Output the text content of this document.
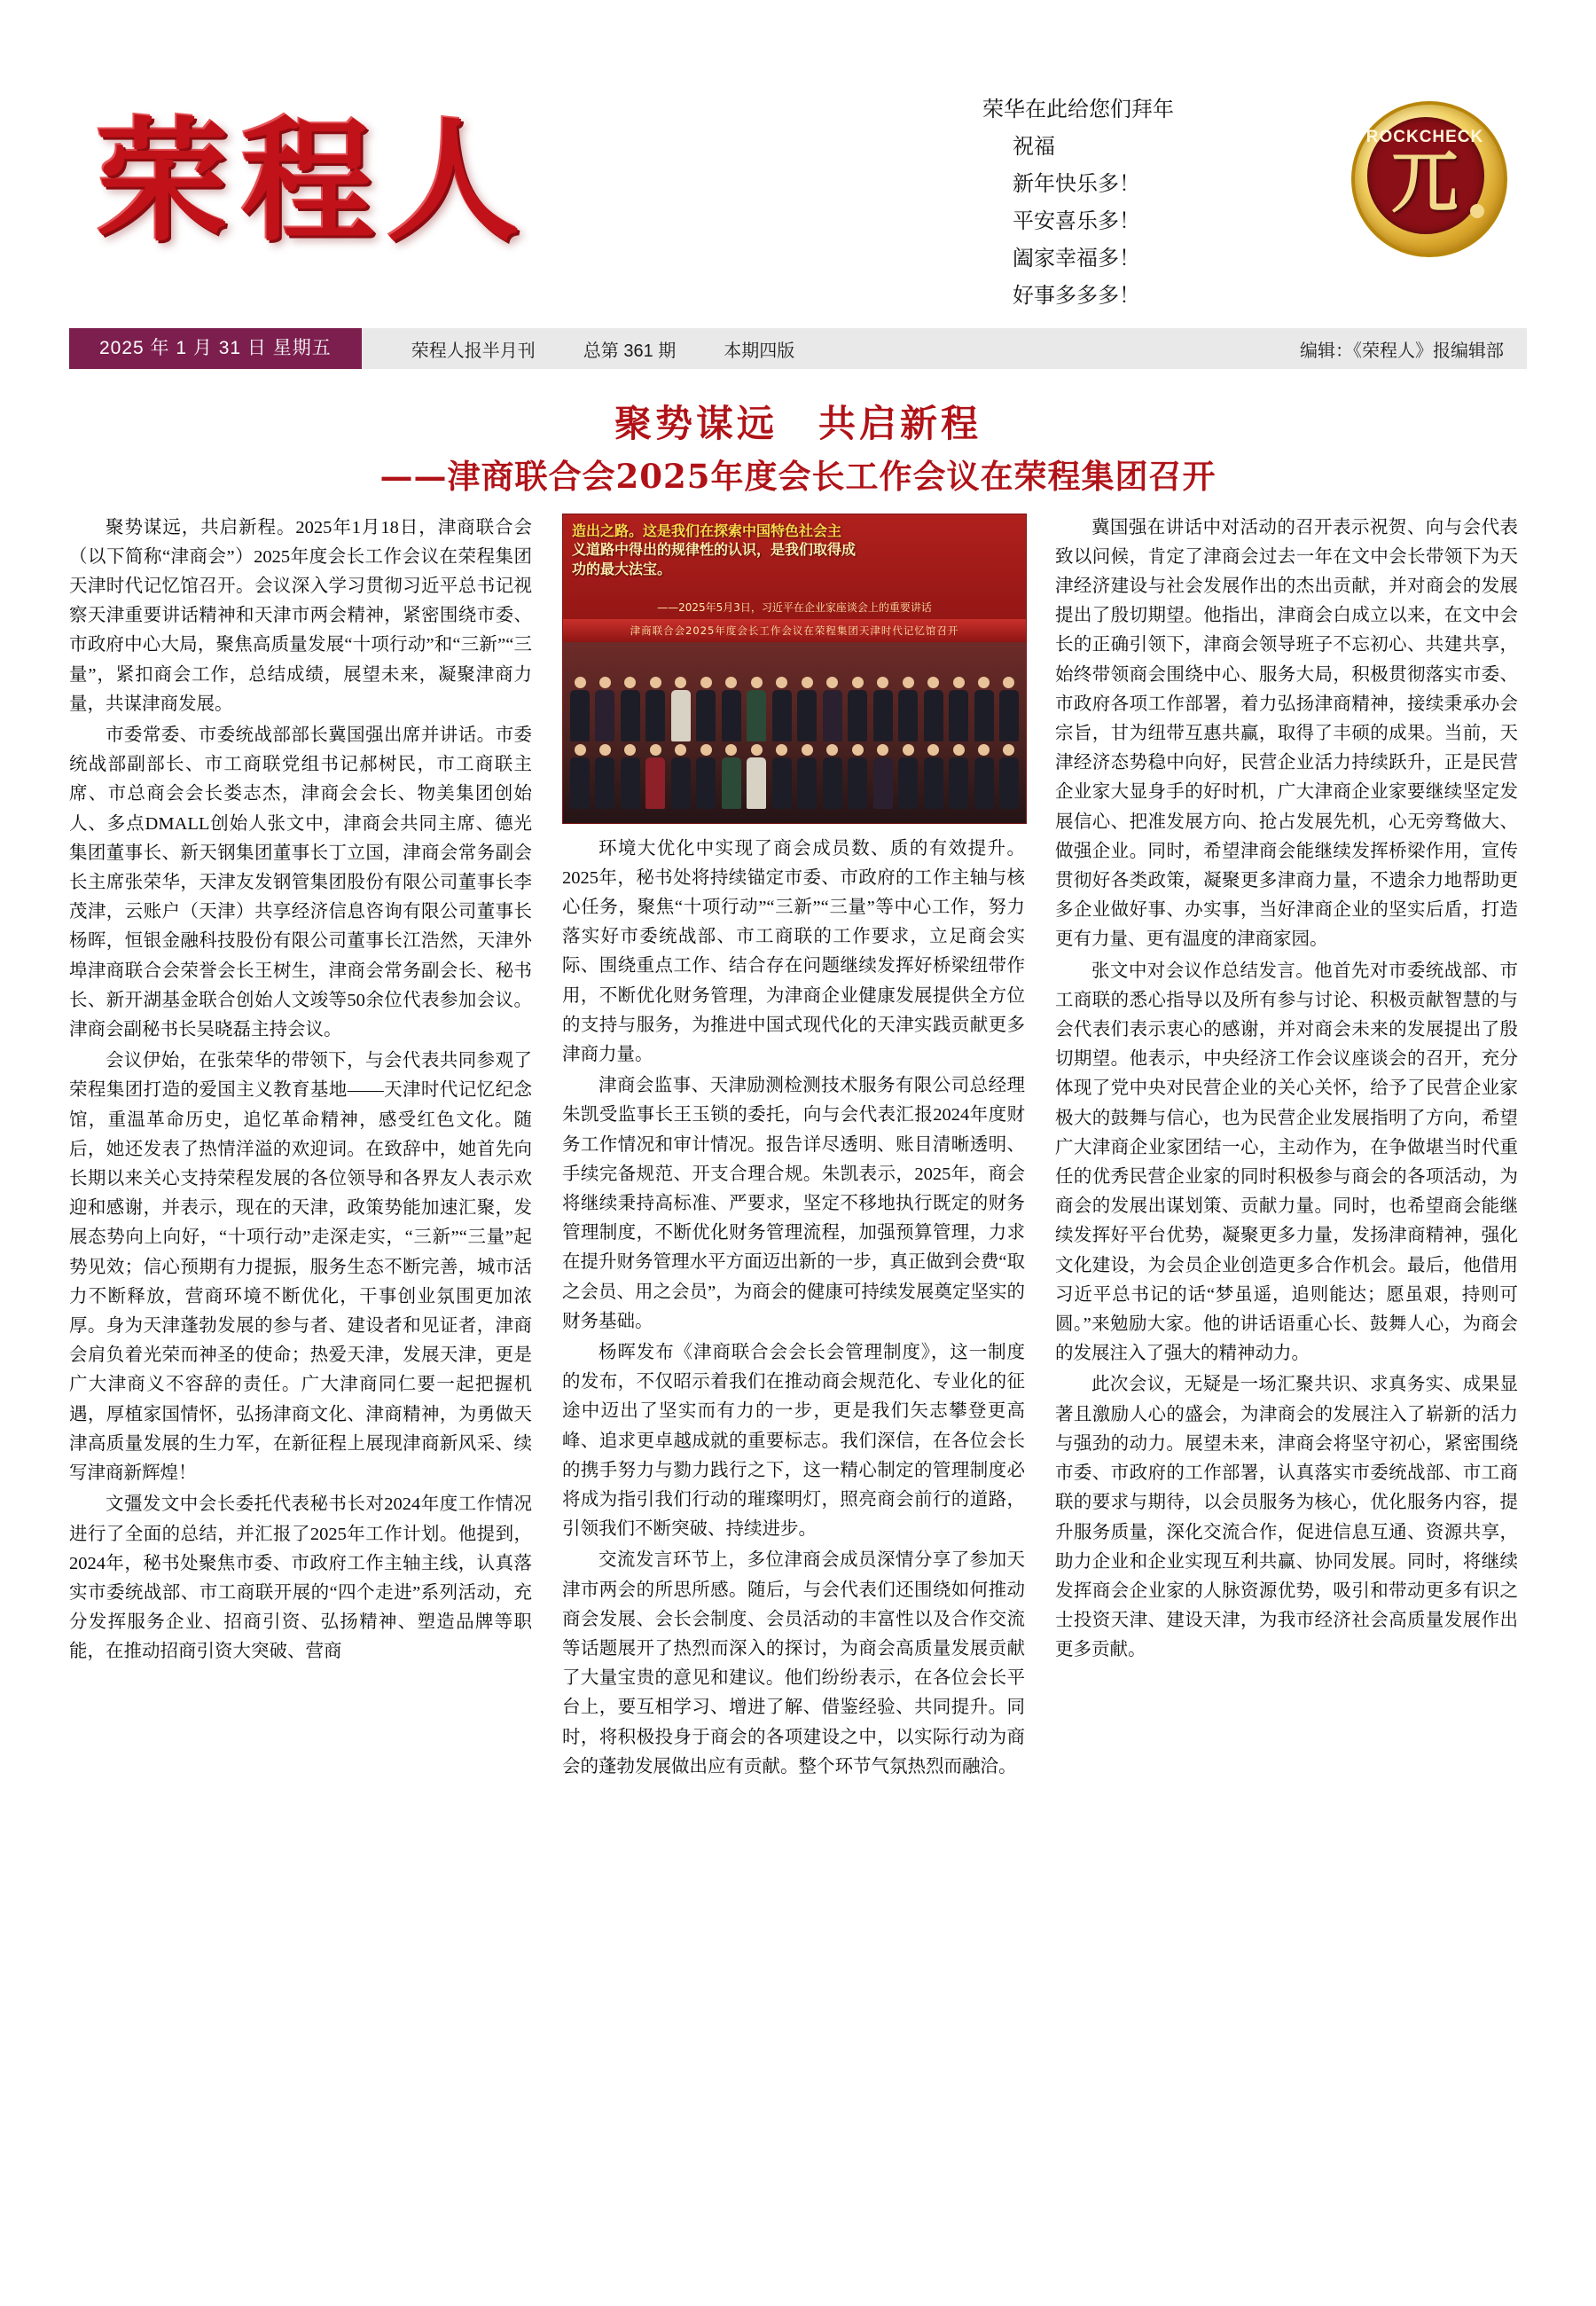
荣程人	荣华在此给您们拜年
祝福
新年快乐多！
平安喜乐多！
阖家幸福多！
好事多多多！
ROCKCHECK
兀
2025 年 1 月 31 日 星期五	荣程人报半月刊	总第 361 期	本期四版	编辑：《荣程人》报编辑部
聚势谋远　共启新程
——津商联合会2025年度会长工作会议在荣程集团召开

聚势谋远，共启新程。2025年1月18日，津商联合会（以下简称“津商会”）2025年度会长工作会议在荣程集团天津时代记忆馆召开。会议深入学习贯彻习近平总书记视察天津重要讲话精神和天津市两会精神，紧密围绕市委、市政府中心大局，聚焦高质量发展“十项行动”和“三新”“三量”，紧扣商会工作，总结成绩，展望未来，凝聚津商力量，共谋津商发展。

市委常委、市委统战部部长冀国强出席并讲话。市委统战部副部长、市工商联党组书记郝树民，市工商联主席、市总商会会长娄志杰，津商会会长、物美集团创始人、多点DMALL创始人张文中，津商会共同主席、德光集团董事长、新天钢集团董事长丁立国，津商会常务副会长主席张荣华，天津友发钢管集团股份有限公司董事长李茂津，云账户（天津）共享经济信息咨询有限公司董事长杨晖，恒银金融科技股份有限公司董事长江浩然，天津外埠津商联合会荣誉会长王树生，津商会常务副会长、秘书长、新开湖基金联合创始人文竣等50余位代表参加会议。津商会副秘书长吴晓磊主持会议。

会议伊始，在张荣华的带领下，与会代表共同参观了荣程集团打造的爱国主义教育基地——天津时代记忆纪念馆，重温革命历史，追忆革命精神，感受红色文化。随后，她还发表了热情洋溢的欢迎词。在致辞中，她首先向长期以来关心支持荣程发展的各位领导和各界友人表示欢迎和感谢，并表示，现在的天津，政策势能加速汇聚，发展态势向上向好，“十项行动”走深走实，“三新”“三量”起势见效；信心预期有力提振，服务生态不断完善，城市活力不断释放，营商环境不断优化，干事创业氛围更加浓厚。身为天津蓬勃发展的参与者、建设者和见证者，津商会肩负着光荣而神圣的使命；热爱天津，发展天津，更是广大津商义不容辞的责任。广大津商同仁要一起把握机遇，厚植家国情怀，弘扬津商文化、津商精神，为勇做天津高质量发展的生力军，在新征程上展现津商新风采、续写津商新辉煌！

文彊发文中会长委托代表秘书长对2024年度工作情况进行了全面的总结，并汇报了2025年工作计划。他提到，2024年，秘书处聚焦市委、市政府工作主轴主线，认真落实市委统战部、市工商联开展的“四个走进”系列活动，充分发挥服务企业、招商引资、弘扬精神、塑造品牌等职能，在推动招商引资大突破、营商

造出之路。这是我们在探索中国特色社会主
义道路中得出的规律性的认识，是我们取得成
功的最大法宝。
——2025年5月3日，习近平在企业家座谈会上的重要讲话
津商联合会2025年度会长工作会议在荣程集团天津时代记忆馆召开

环境大优化中实现了商会成员数、质的有效提升。2025年，秘书处将持续锚定市委、市政府的工作主轴与核心任务，聚焦“十项行动”“三新”“三量”等中心工作，努力落实好市委统战部、市工商联的工作要求，立足商会实际、围绕重点工作、结合存在问题继续发挥好桥梁纽带作用，不断优化财务管理，为津商企业健康发展提供全方位的支持与服务，为推进中国式现代化的天津实践贡献更多津商力量。

津商会监事、天津励测检测技术服务有限公司总经理朱凯受监事长王玉锁的委托，向与会代表汇报2024年度财务工作情况和审计情况。报告详尽透明、账目清晰透明、手续完备规范、开支合理合规。朱凯表示，2025年，商会将继续秉持高标准、严要求，坚定不移地执行既定的财务管理制度，不断优化财务管理流程，加强预算管理，力求在提升财务管理水平方面迈出新的一步，真正做到会费“取之会员、用之会员”，为商会的健康可持续发展奠定坚实的财务基础。

杨晖发布《津商联合会会长会管理制度》，这一制度的发布，不仅昭示着我们在推动商会规范化、专业化的征途中迈出了坚实而有力的一步，更是我们矢志攀登更高峰、追求更卓越成就的重要标志。我们深信，在各位会长的携手努力与勠力践行之下，这一精心制定的管理制度必将成为指引我们行动的璀璨明灯，照亮商会前行的道路，引领我们不断突破、持续进步。

交流发言环节上，多位津商会成员深情分享了参加天津市两会的所思所感。随后，与会代表们还围绕如何推动商会发展、会长会制度、会员活动的丰富性以及合作交流等话题展开了热烈而深入的探讨，为商会高质量发展贡献了大量宝贵的意见和建议。他们纷纷表示，在各位会长平台上，要互相学习、增进了解、借鉴经验、共同提升。同时，将积极投身于商会的各项建设之中，以实际行动为商会的蓬勃发展做出应有贡献。整个环节气氛热烈而融洽。

冀国强在讲话中对活动的召开表示祝贺、向与会代表致以问候，肯定了津商会过去一年在文中会长带领下为天津经济建设与社会发展作出的杰出贡献，并对商会的发展提出了殷切期望。他指出，津商会白成立以来，在文中会长的正确引领下，津商会领导班子不忘初心、共建共享，始终带领商会围绕中心、服务大局，积极贯彻落实市委、市政府各项工作部署，着力弘扬津商精神，接续秉承办会宗旨，甘为纽带互惠共赢，取得了丰硕的成果。当前，天津经济态势稳中向好，民营企业活力持续跃升，正是民营企业家大显身手的好时机，广大津商企业家要继续坚定发展信心、把准发展方向、抢占发展先机，心无旁骛做大、做强企业。同时，希望津商会能继续发挥桥梁作用，宣传贯彻好各类政策，凝聚更多津商力量，不遗余力地帮助更多企业做好事、办实事，当好津商企业的坚实后盾，打造更有力量、更有温度的津商家园。

张文中对会议作总结发言。他首先对市委统战部、市工商联的悉心指导以及所有参与讨论、积极贡献智慧的与会代表们表示衷心的感谢，并对商会未来的发展提出了殷切期望。他表示，中央经济工作会议座谈会的召开，充分体现了党中央对民营企业的关心关怀，给予了民营企业家极大的鼓舞与信心，也为民营企业发展指明了方向，希望广大津商企业家团结一心，主动作为，在争做堪当时代重任的优秀民营企业家的同时积极参与商会的各项活动，为商会的发展出谋划策、贡献力量。同时，也希望商会能继续发挥好平台优势，凝聚更多力量，发扬津商精神，强化文化建设，为会员企业创造更多合作机会。最后，他借用习近平总书记的话“梦虽遥，追则能达；愿虽艰，持则可圆。”来勉励大家。他的讲话语重心长、鼓舞人心，为商会的发展注入了强大的精神动力。

此次会议，无疑是一场汇聚共识、求真务实、成果显著且激励人心的盛会，为津商会的发展注入了崭新的活力与强劲的动力。展望未来，津商会将坚守初心，紧密围绕市委、市政府的工作部署，认真落实市委统战部、市工商联的要求与期待，以会员服务为核心，优化服务内容，提升服务质量，深化交流合作，促进信息互通、资源共享，助力企业和企业实现互利共赢、协同发展。同时，将继续发挥商会企业家的人脉资源优势，吸引和带动更多有识之士投资天津、建设天津，为我市经济社会高质量发展作出更多贡献。
